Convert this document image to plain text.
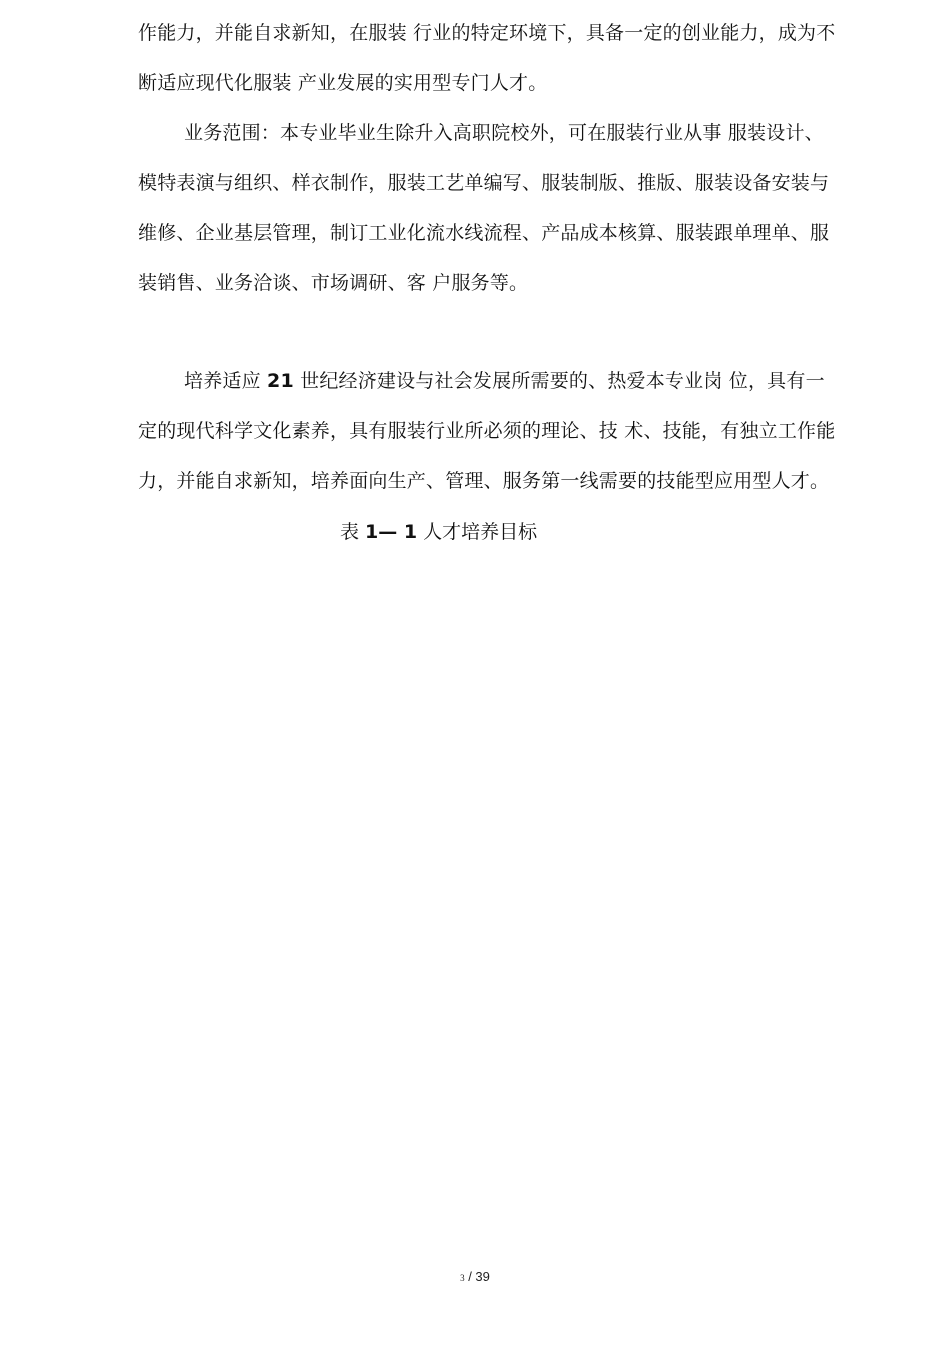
作能力，并能自求新知，在服装 行业的特定环境下，具备一定的创业能力，成为不
断适应现代化服装 产业发展的实用型专门人才。
业务范围：本专业毕业生除升入高职院校外，可在服装行业从事 服装设计、
模特表演与组织、样衣制作，服装工艺单编写、服装制版、推版、服装设备安装与
维修、企业基层管理，制订工业化流水线流程、产品成本核算、服装跟单理单、服
装销售、业务洽谈、市场调研、客 户服务等。
培养适应 21 世纪经济建设与社会发展所需要的、热爱本专业岗 位，具有一
定的现代科学文化素养，具有服装行业所必须的理论、技 术、技能，有独立工作能
力，并能自求新知，培养面向生产、管理、服务第一线需要的技能型应用型人才。
表 1— 1 人才培养目标
3 / 39
